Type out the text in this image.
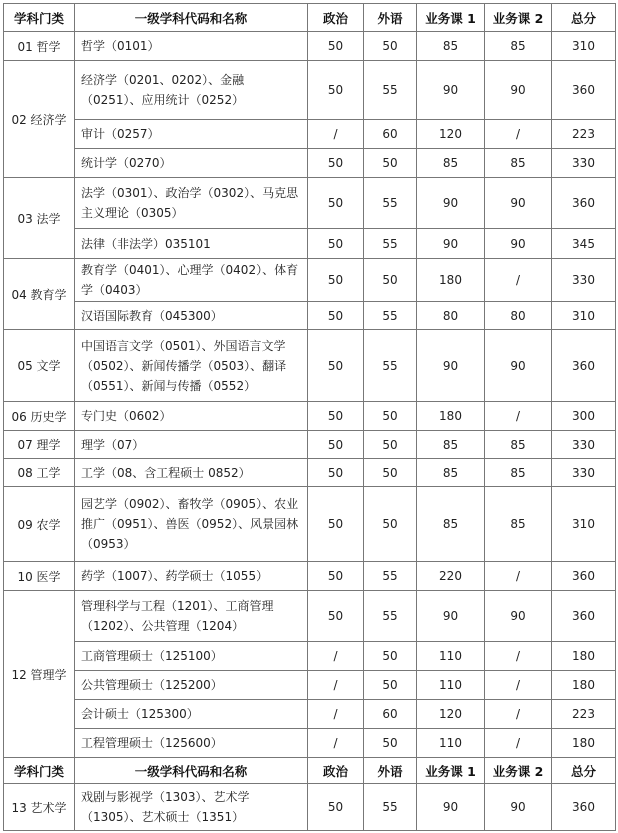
学科门类	一级学科代码和名称	政治	外语	业务课 1	业务课 2	总分
01 哲学	哲学（0101）	50	50	85	85	310
02 经济学	经济学（0201、0202）、金融（0251）、应用统计（0252）	50	55	90	90	360
	审计（0257）	/	60	120	/	223
	统计学（0270）	50	50	85	85	330
03 法学	法学（0301）、政治学（0302）、马克思主义理论（0305）	50	55	90	90	360
	法律（非法学）035101	50	55	90	90	345
04 教育学	教育学（0401）、心理学（0402）、体育学（0403）	50	50	180	/	330
	汉语国际教育（045300）	50	55	80	80	310
05 文学	中国语言文学（0501）、外国语言文学（0502）、新闻传播学（0503）、翻译（0551）、新闻与传播（0552）	50	55	90	90	360
06 历史学	专门史（0602）	50	50	180	/	300
07 理学	理学（07）	50	50	85	85	330
08 工学	工学（08、含工程硕士 0852）	50	50	85	85	330
09 农学	园艺学（0902）、畜牧学（0905）、农业推广（0951）、兽医（0952）、风景园林（0953）	50	50	85	85	310
10 医学	药学（1007）、药学硕士（1055）	50	55	220	/	360
12 管理学	管理科学与工程（1201）、工商管理（1202）、公共管理（1204）	50	55	90	90	360
	工商管理硕士（125100）	/	50	110	/	180
	公共管理硕士（125200）	/	50	110	/	180
	会计硕士（125300）	/	60	120	/	223
	工程管理硕士（125600）	/	50	110	/	180
学科门类	一级学科代码和名称	政治	外语	业务课 1	业务课 2	总分
13 艺术学	戏剧与影视学（1303）、艺术学（1305）、艺术硕士（1351）	50	55	90	90	360
